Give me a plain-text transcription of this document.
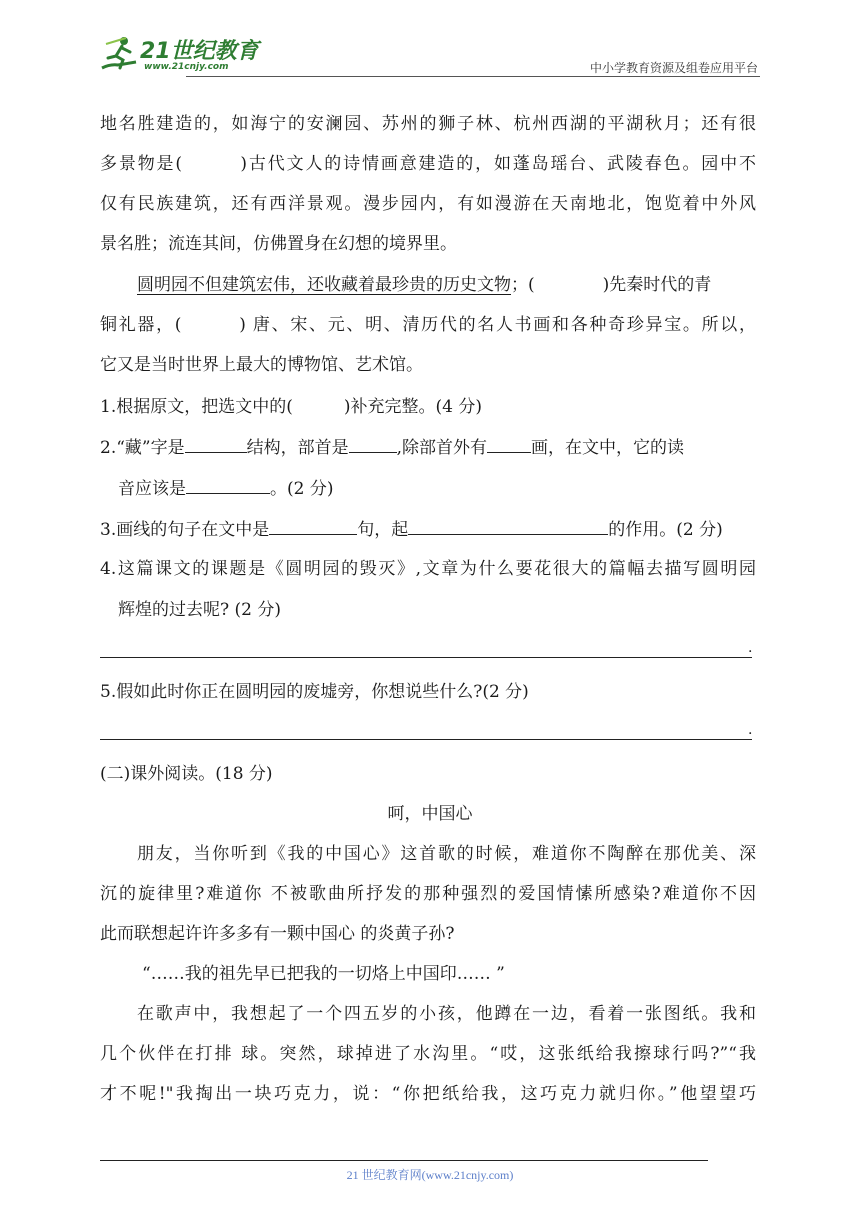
21世纪教育
www.21cnjy.com	中小学教育资源及组卷应用平台
地名胜建造的，如海宁的安澜园、苏州的狮子林、杭州西湖的平湖秋月；还有很
多景物是(　　　)古代文人的诗情画意建造的，如蓬岛瑶台、武陵春色。园中不
仅有民族建筑，还有西洋景观。漫步园内，有如漫游在天南地北，饱览着中外风
景名胜；流连其间，仿佛置身在幻想的境界里。
圆明园不但建筑宏伟，还收藏着最珍贵的历史文物；(　　　　)先秦时代的青
铜礼器，(　　　) 唐、宋、元、明、清历代的名人书画和各种奇珍异宝。所以，
它又是当时世界上最大的博物馆、艺术馆。
1.根据原文，把选文中的(　　　)补充完整。(4 分)
2.“藏”字是	结构，部首是	,除部首外有	画，在文中，它的读
音应该是	。(2 分)
3.画线的句子在文中是	句，起	的作用。(2 分)
4.这篇课文的课题是《圆明园的毁灭》,文章为什么要花很大的篇幅去描写圆明园
辉煌的过去呢? (2 分)
.
5.假如此时你正在圆明园的废墟旁，你想说些什么?(2 分)
.
(二)课外阅读。(18 分)
呵，中国心
朋友，当你听到《我的中国心》这首歌的时候，难道你不陶醉在那优美、深
沉的旋律里?难道你 不被歌曲所抒发的那种强烈的爱国情愫所感染?难道你不因
此而联想起许许多多有一颗中国心 的炎黄子孙?
“……我的祖先早已把我的一切烙上中国印…… ”
在歌声中，我想起了一个四五岁的小孩，他蹲在一边，看着一张图纸。我和
几个伙伴在打排 球。突然，球掉进了水沟里。“哎，这张纸给我擦球行吗?”“我
才不呢!"我掏出一块巧克力，说：“你把纸给我，这巧克力就归你。”他望望巧
21 世纪教育网(www.21cnjy.com)
